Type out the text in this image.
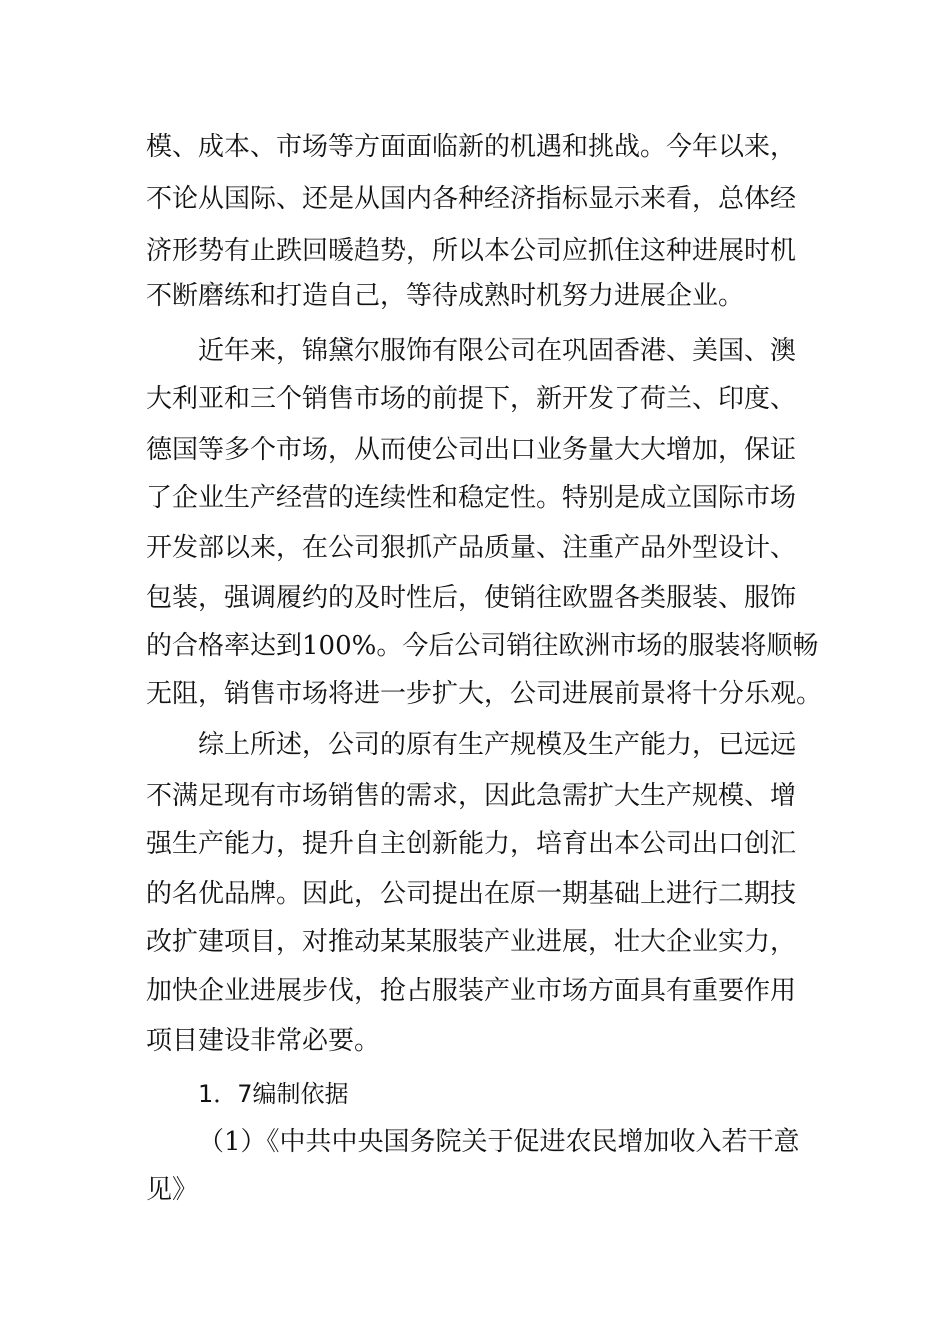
模、成本、市场等方面面临新的机遇和挑战。今年以来，
不论从国际、还是从国内各种经济指标显示来看，总体经
济形势有止跌回暖趋势，所以本公司应抓住这种进展时机
不断磨练和打造自己，等待成熟时机努力进展企业。
近年来，锦黛尔服饰有限公司在巩固香港、美国、澳
大利亚和三个销售市场的前提下，新开发了荷兰、印度、
德国等多个市场，从而使公司出口业务量大大增加，保证
了企业生产经营的连续性和稳定性。特别是成立国际市场
开发部以来，在公司狠抓产品质量、注重产品外型设计、
包装，强调履约的及时性后，使销往欧盟各类服装、服饰
的合格率达到100%。今后公司销往欧洲市场的服装将顺畅
无阻，销售市场将进一步扩大，公司进展前景将十分乐观。
综上所述，公司的原有生产规模及生产能力，已远远
不满足现有市场销售的需求，因此急需扩大生产规模、增
强生产能力，提升自主创新能力，培育出本公司出口创汇
的名优品牌。因此，公司提出在原一期基础上进行二期技
改扩建项目，对推动某某服装产业进展，壮大企业实力，
加快企业进展步伐，抢占服装产业市场方面具有重要作用
项目建设非常必要。
1．7编制依据
（1）《中共中央国务院关于促进农民增加收入若干意
见》
